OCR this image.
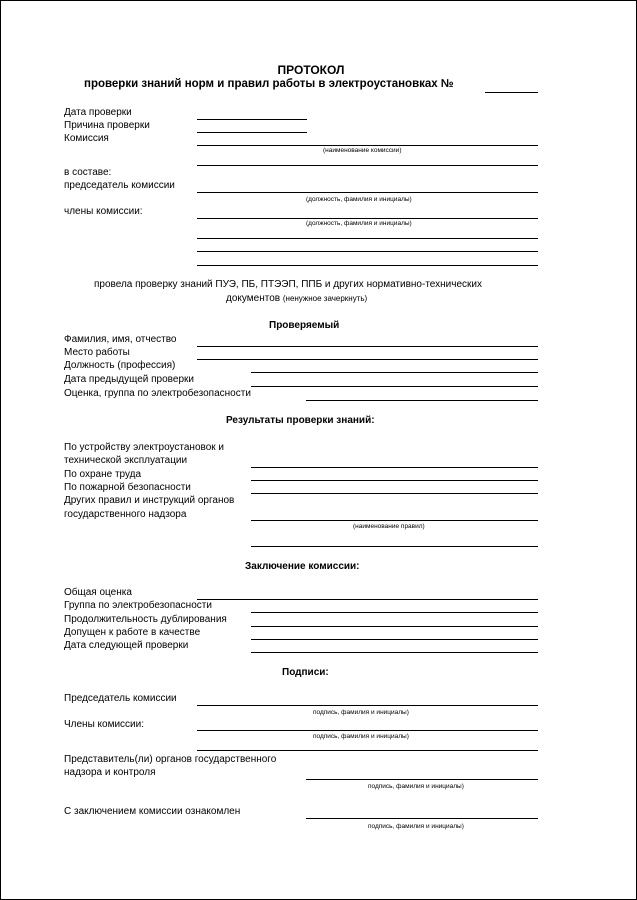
ПРОТОКОЛ
проверки знаний норм и правил работы в электроустановках №
Дата проверки
Причина проверки
Комиссия
(наименование комиссии)
в составе:
председатель комиссии
(должность, фамилия и инициалы)
члены комиссии:
(должность, фамилия и инициалы)
провела проверку знаний ПУЭ, ПБ, ПТЭЭП, ППБ и других нормативно-технических
документов (ненужное зачеркнуть)
Проверяемый
Фамилия, имя, отчество
Место работы
Должность (профессия)
Дата предыдущей проверки
Оценка, группа по электробезопасности
Результаты проверки знаний:
По устройству электроустановок и
технической эксплуатации
По охране труда
По пожарной безопасности
Других правил и инструкций органов
государственного надзора
(наименование правил)
Заключение комиссии:
Общая оценка
Группа по электробезопасности
Продолжительность дублирования
Допущен к работе в качестве
Дата следующей проверки
Подписи:
Председатель комиссии
подпись, фамилия и инициалы)
Члены комиссии:
подпись, фамилия и инициалы)
Представитель(ли) органов государственного
надзора и контроля
подпись, фамилия и инициалы)
С заключением комиссии ознакомлен
подпись, фамилия и инициалы)
